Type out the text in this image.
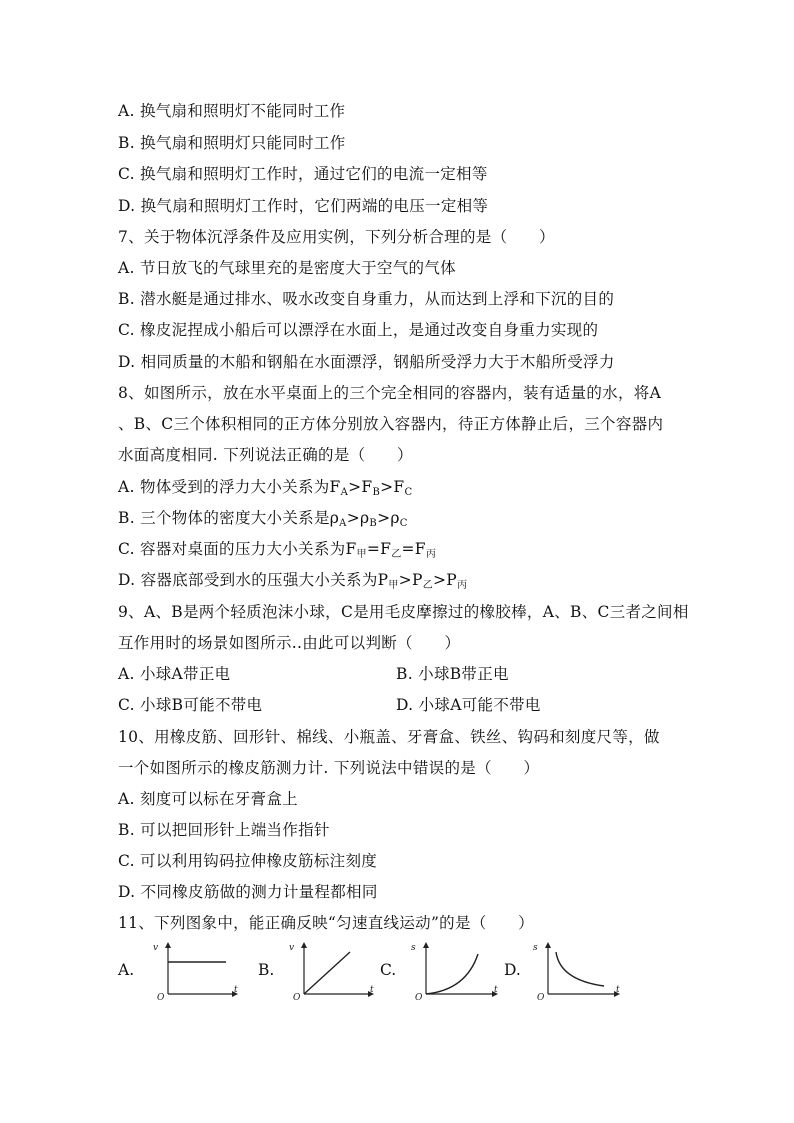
A. 换气扇和照明灯不能同时工作
B. 换气扇和照明灯只能同时工作
C. 换气扇和照明灯工作时，通过它们的电流一定相等
D. 换气扇和照明灯工作时，它们两端的电压一定相等
7、关于物体沉浮条件及应用实例，下列分析合理的是（　　）
A. 节日放飞的气球里充的是密度大于空气的气体
B. 潜水艇是通过排水、吸水改变自身重力，从而达到上浮和下沉的目的
C. 橡皮泥捏成小船后可以漂浮在水面上，是通过改变自身重力实现的
D. 相同质量的木船和钢船在水面漂浮，钢船所受浮力大于木船所受浮力
8、如图所示，放在水平桌面上的三个完全相同的容器内，装有适量的水，将A
、B、C三个体积相同的正方体分别放入容器内，待正方体静止后，三个容器内
水面高度相同. 下列说法正确的是（　　）
A. 物体受到的浮力大小关系为$F_A>F_B>F_C$
B. 三个物体的密度大小关系是$\rho_A>\rho_B>\rho_C$
C. 容器对桌面的压力大小关系为$F_甲=F_乙=F_丙$
D. 容器底部受到水的压强大小关系为$P_甲>P_乙>P_丙$
9、A、B是两个轻质泡沫小球，C是用毛皮摩擦过的橡胶棒，A、B、C三者之间相
互作用时的场景如图所示..由此可以判断（　　）
A. 小球A带正电	B. 小球B带正电
C. 小球B可能不带电	D. 小球A可能不带电
10、用橡皮筋、回形针、棉线、小瓶盖、牙膏盒、铁丝、钩码和刻度尺等，做
一个如图所示的橡皮筋测力计. 下列说法中错误的是（　　）
A. 刻度可以标在牙膏盒上
B. 可以把回形针上端当作指针
C. 可以利用钩码拉伸橡皮筋标注刻度
D. 不同橡皮筋做的测力计量程都相同
11、下列图象中，能正确反映“匀速直线运动”的是（　　）
A.
v
O
t
B.
v
O
t
C.
s
O
t
D.
s
O
t
